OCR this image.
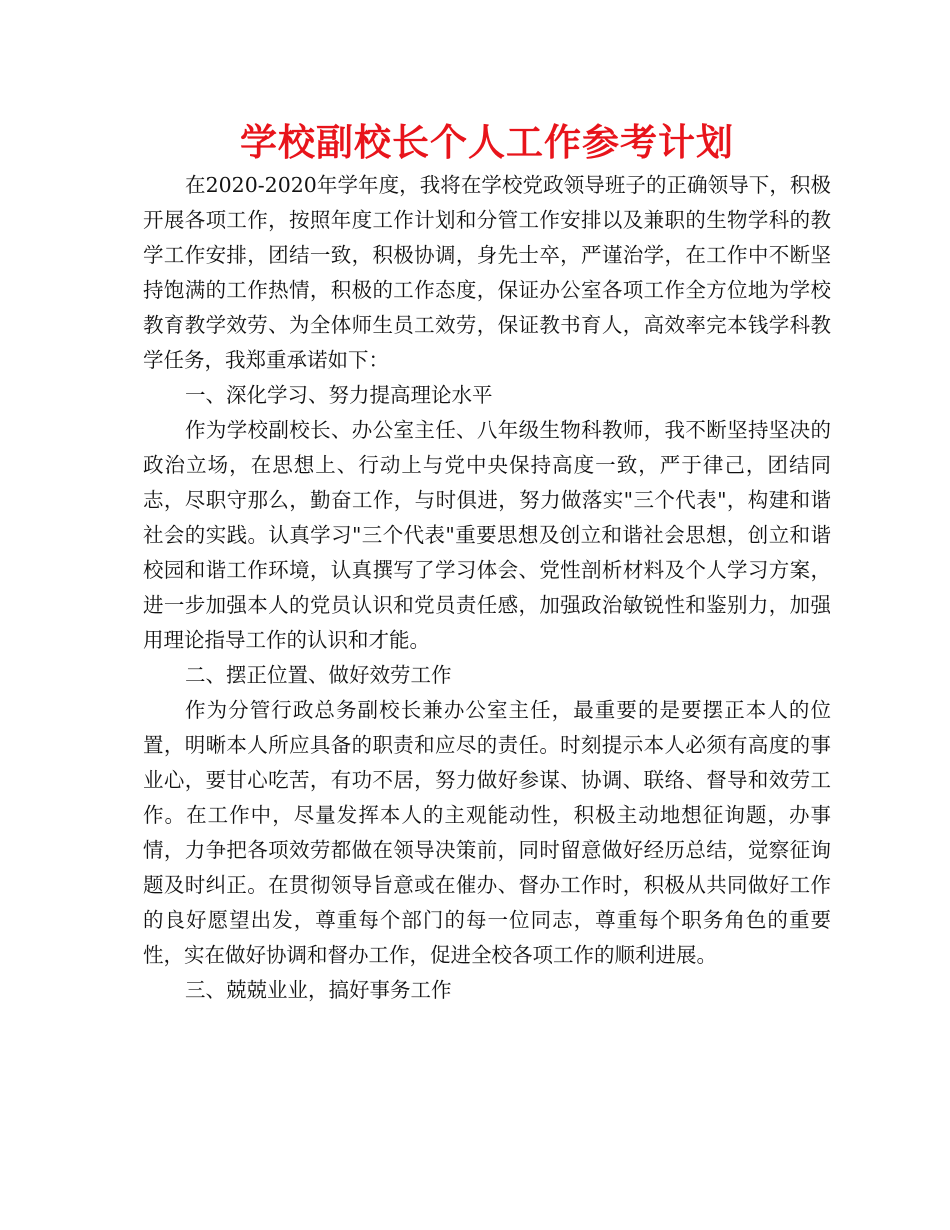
学校副校长个人工作参考计划

在2020-2020年学年度，我将在学校党政领导班子的正确领导下，积极开展各项工作，按照年度工作计划和分管工作安排以及兼职的生物学科的教学工作安排，团结一致，积极协调，身先士卒，严谨治学，在工作中不断坚持饱满的工作热情，积极的工作态度，保证办公室各项工作全方位地为学校教育教学效劳、为全体师生员工效劳，保证教书育人，高效率完本钱学科教学任务，我郑重承诺如下：

一、深化学习、努力提高理论水平

作为学校副校长、办公室主任、八年级生物科教师，我不断坚持坚决的政治立场，在思想上、行动上与党中央保持高度一致，严于律己，团结同志，尽职守那么，勤奋工作，与时俱进，努力做落实"三个代表"，构建和谐社会的实践。认真学习"三个代表"重要思想及创立和谐社会思想，创立和谐校园和谐工作环境，认真撰写了学习体会、党性剖析材料及个人学习方案，进一步加强本人的党员认识和党员责任感，加强政治敏锐性和鉴别力，加强用理论指导工作的认识和才能。

二、摆正位置、做好效劳工作

作为分管行政总务副校长兼办公室主任，最重要的是要摆正本人的位置，明晰本人所应具备的职责和应尽的责任。时刻提示本人必须有高度的事业心，要甘心吃苦，有功不居，努力做好参谋、协调、联络、督导和效劳工作。在工作中，尽量发挥本人的主观能动性，积极主动地想征询题，办事情，力争把各项效劳都做在领导决策前，同时留意做好经历总结，觉察征询题及时纠正。在贯彻领导旨意或在催办、督办工作时，积极从共同做好工作的良好愿望出发，尊重每个部门的每一位同志，尊重每个职务角色的重要性，实在做好协调和督办工作，促进全校各项工作的顺利进展。

三、兢兢业业，搞好事务工作
